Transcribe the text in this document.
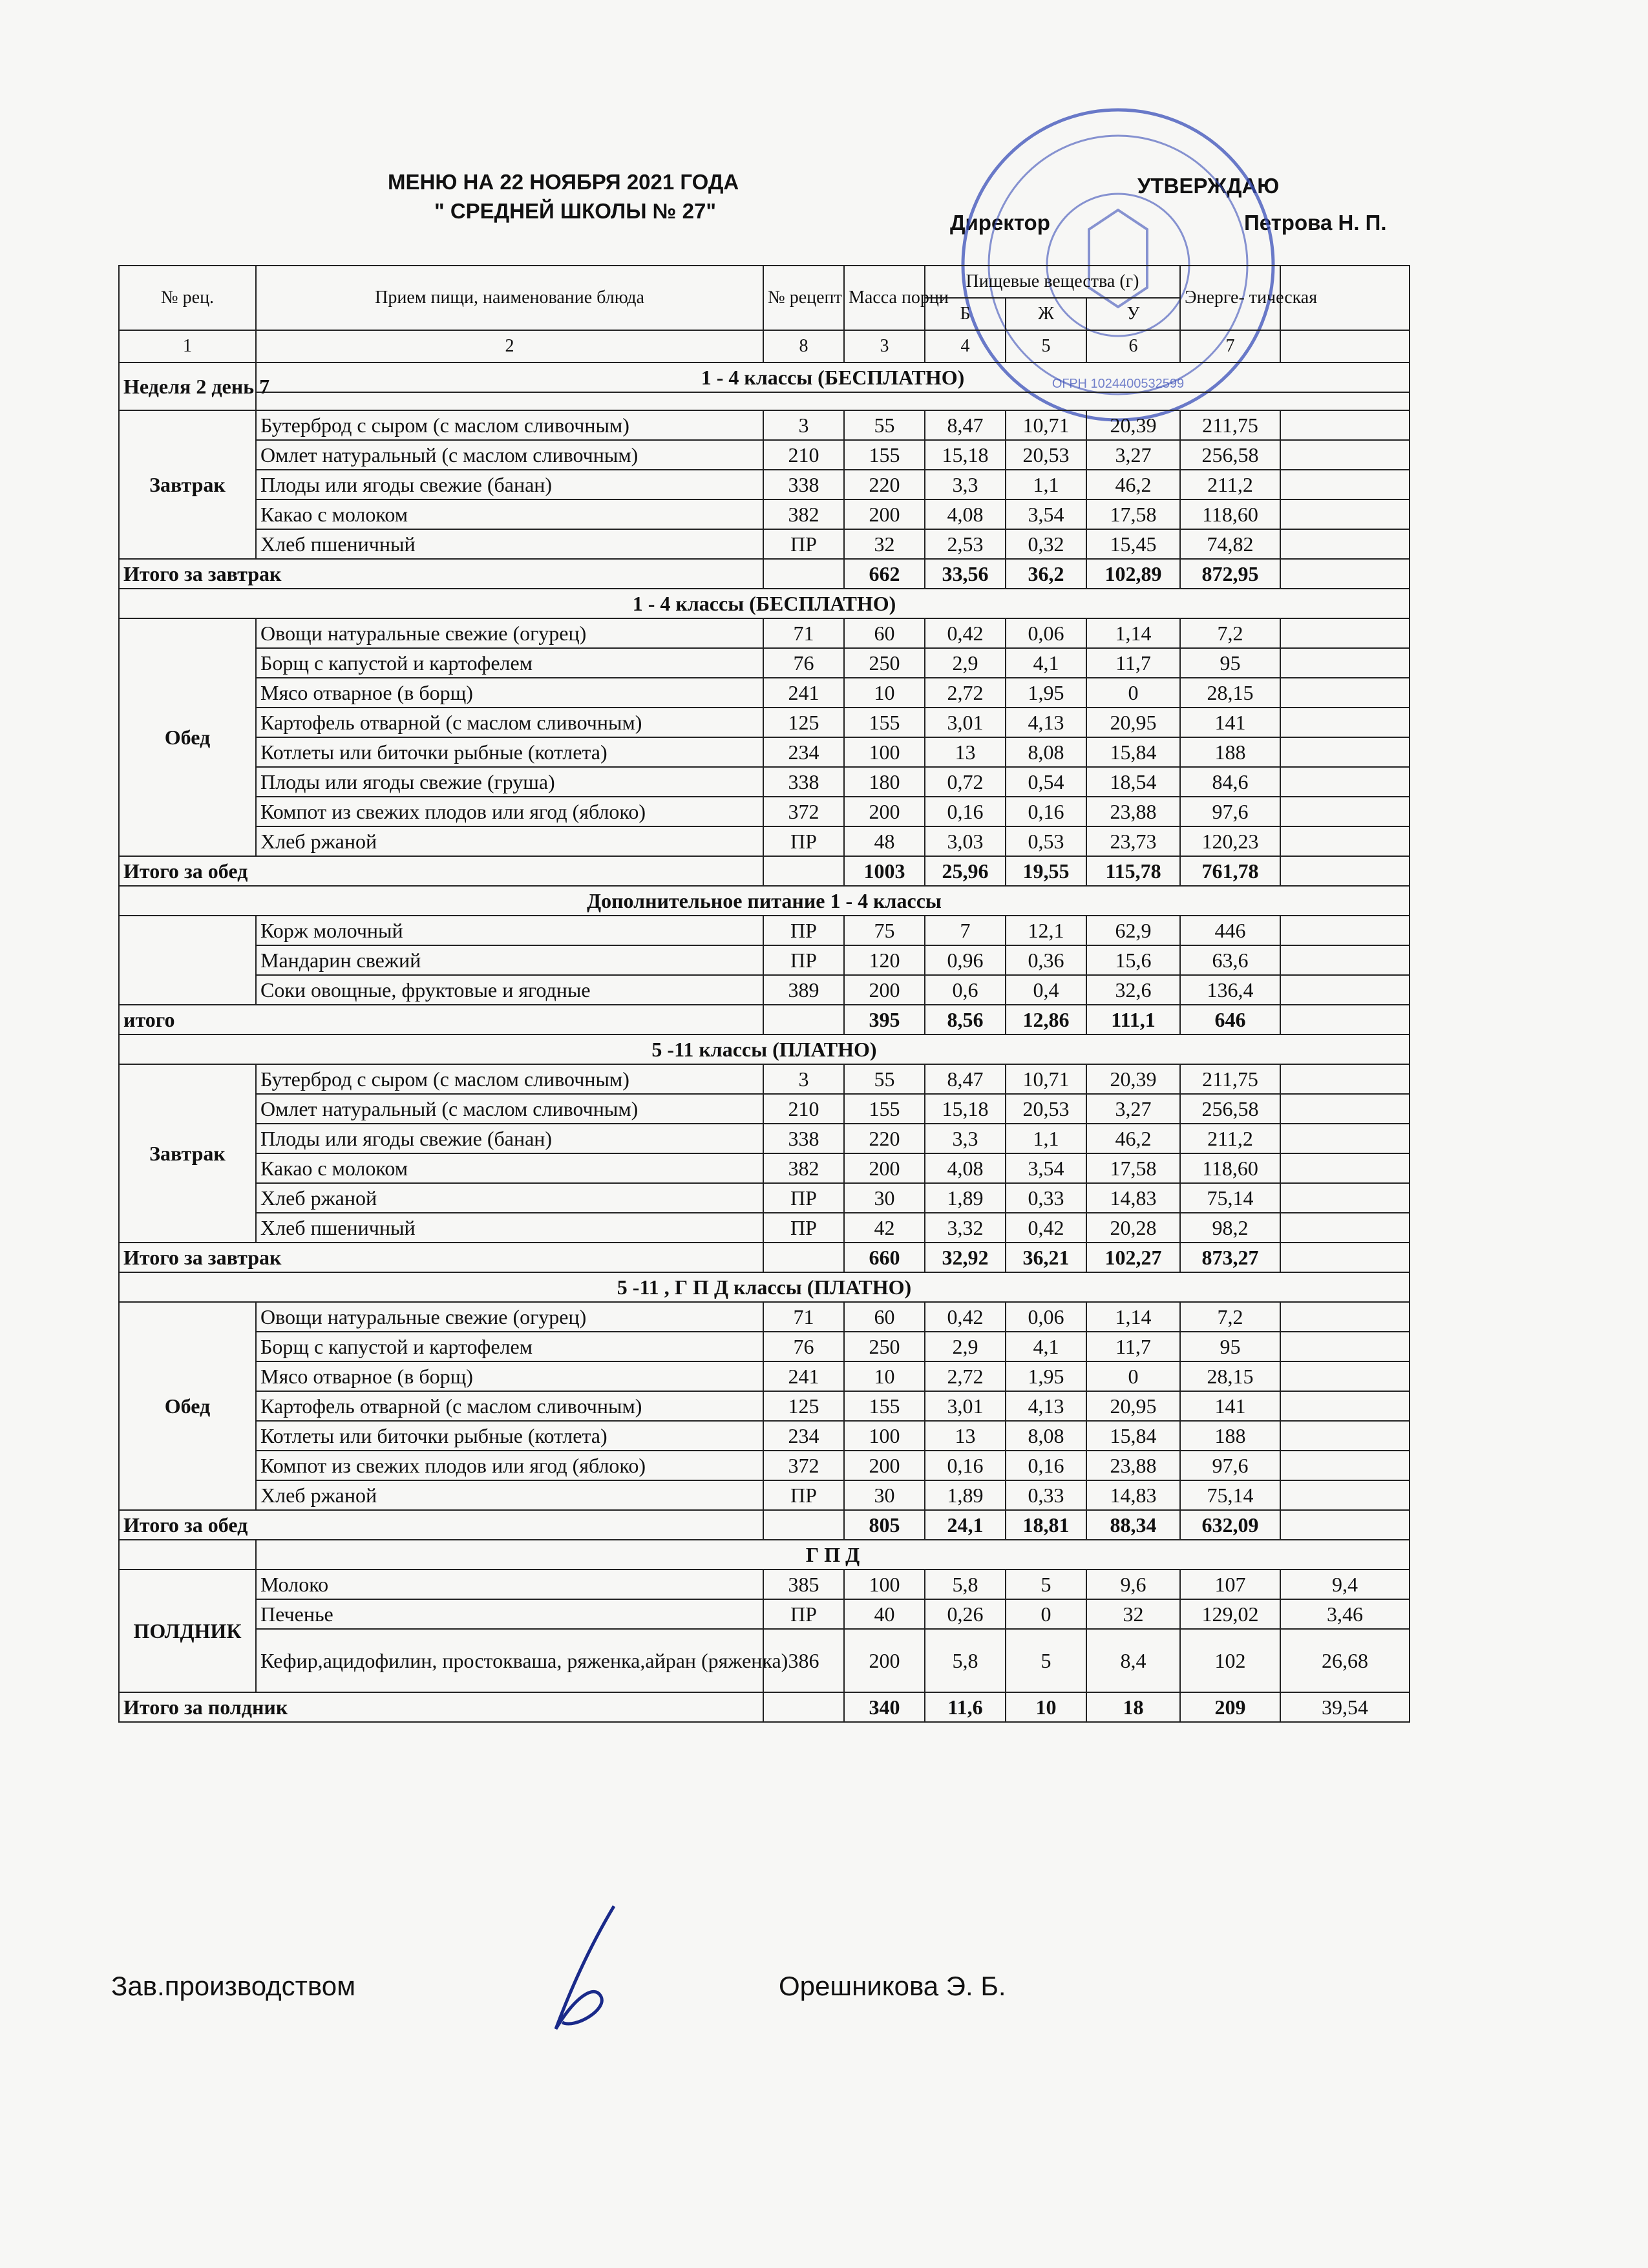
МЕНЮ НА 22 НОЯБРЯ 2021 ГОДА
" СРЕДНЕЙ ШКОЛЫ № 27"
УТВЕРЖДАЮ
Директор	Петрова Н. П.
ОГРН 1024400532599
№ рец.	Прием пищи, наименование блюда	№ рецепт	Масса порци	Пищевые вещества (г)			Энерге- тическая	
				Б	Ж	У		
1	2	8	3	4	5	6	7	
Неделя 2 день 7	1 - 4 классы (БЕСПЛАТНО)							

Завтрак	Бутерброд с сыром (с маслом сливочным)	3	55	8,47	10,71	20,39	211,75	
	Омлет натуральный (с маслом сливочным)	210	155	15,18	20,53	3,27	256,58	
	Плоды или ягоды свежие (банан)	338	220	3,3	1,1	46,2	211,2	
	Какао с молоком	382	200	4,08	3,54	17,58	118,60	
	Хлеб пшеничный	ПР	32	2,53	0,32	15,45	74,82	
Итого за завтрак			662	33,56	36,2	102,89	872,95	
1 - 4 классы (БЕСПЛАТНО)								
Обед	Овощи натуральные свежие (огурец)	71	60	0,42	0,06	1,14	7,2	
	Борщ с капустой и картофелем	76	250	2,9	4,1	11,7	95	
	Мясо отварное (в борщ)	241	10	2,72	1,95	0	28,15	
	Картофель отварной (с маслом сливочным)	125	155	3,01	4,13	20,95	141	
	Котлеты или биточки рыбные (котлета)	234	100	13	8,08	15,84	188	
	Плоды или ягоды свежие (груша)	338	180	0,72	0,54	18,54	84,6	
	Компот из свежих плодов или ягод (яблоко)	372	200	0,16	0,16	23,88	97,6	
	Хлеб ржаной	ПР	48	3,03	0,53	23,73	120,23	
Итого за обед			1003	25,96	19,55	115,78	761,78	
Дополнительное питание 1 - 4 классы								
	Корж молочный	ПР	75	7	12,1	62,9	446	
	Мандарин свежий	ПР	120	0,96	0,36	15,6	63,6	
	Соки овощные, фруктовые и ягодные	389	200	0,6	0,4	32,6	136,4	
итого			395	8,56	12,86	111,1	646	
5 -11 классы (ПЛАТНО)								
Завтрак	Бутерброд с сыром (с маслом сливочным)	3	55	8,47	10,71	20,39	211,75	
	Омлет натуральный (с маслом сливочным)	210	155	15,18	20,53	3,27	256,58	
	Плоды или ягоды свежие (банан)	338	220	3,3	1,1	46,2	211,2	
	Какао с молоком	382	200	4,08	3,54	17,58	118,60	
	Хлеб ржаной	ПР	30	1,89	0,33	14,83	75,14	
	Хлеб пшеничный	ПР	42	3,32	0,42	20,28	98,2	
Итого за завтрак			660	32,92	36,21	102,27	873,27	
5 -11 , Г П Д классы (ПЛАТНО)								
Обед	Овощи натуральные свежие (огурец)	71	60	0,42	0,06	1,14	7,2	
	Борщ с капустой и картофелем	76	250	2,9	4,1	11,7	95	
	Мясо отварное (в борщ)	241	10	2,72	1,95	0	28,15	
	Картофель отварной (с маслом сливочным)	125	155	3,01	4,13	20,95	141	
	Котлеты или биточки рыбные (котлета)	234	100	13	8,08	15,84	188	
	Компот из свежих плодов или ягод (яблоко)	372	200	0,16	0,16	23,88	97,6	
	Хлеб ржаной	ПР	30	1,89	0,33	14,83	75,14	
Итого за обед			805	24,1	18,81	88,34	632,09	
	Г П Д							
ПОЛДНИК	Молоко	385	100	5,8	5	9,6	107	9,4
	Печенье	ПР	40	0,26	0	32	129,02	3,46
	Кефир,ацидофилин, простокваша, ряженка,айран (ряженка)	386	200	5,8	5	8,4	102	26,68
Итого за полдник			340	11,6	10	18	209	39,54
Зав.производством	Орешникова Э. Б.
